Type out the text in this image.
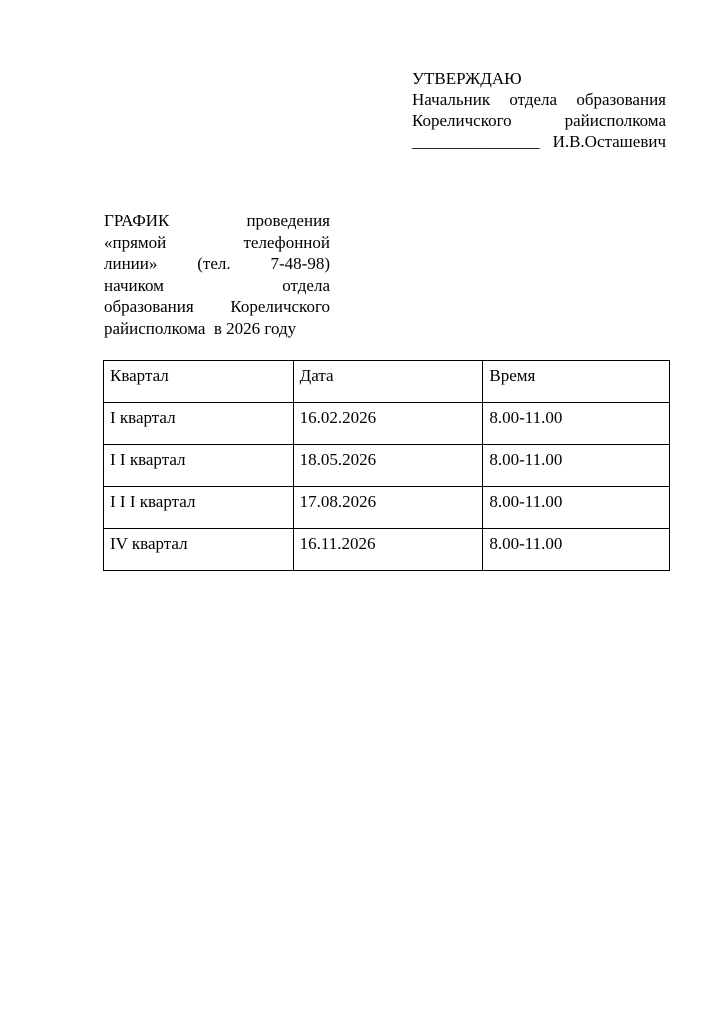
УТВЕРЖДАЮ
Начальник отдела образования
Кореличского райисполкома
_______________ И.В.Осташевич
ГРАФИК проведения
«прямой телефонной
линии» (тел. 7-48-98)
начиком отдела
образования Кореличского
райисполкома  в 2026 году
Квартал	Дата	Время
I квартал	16.02.2026	8.00-11.00
I I квартал	18.05.2026	8.00-11.00
I I I квартал	17.08.2026	8.00-11.00
IV квартал	16.11.2026	8.00-11.00
